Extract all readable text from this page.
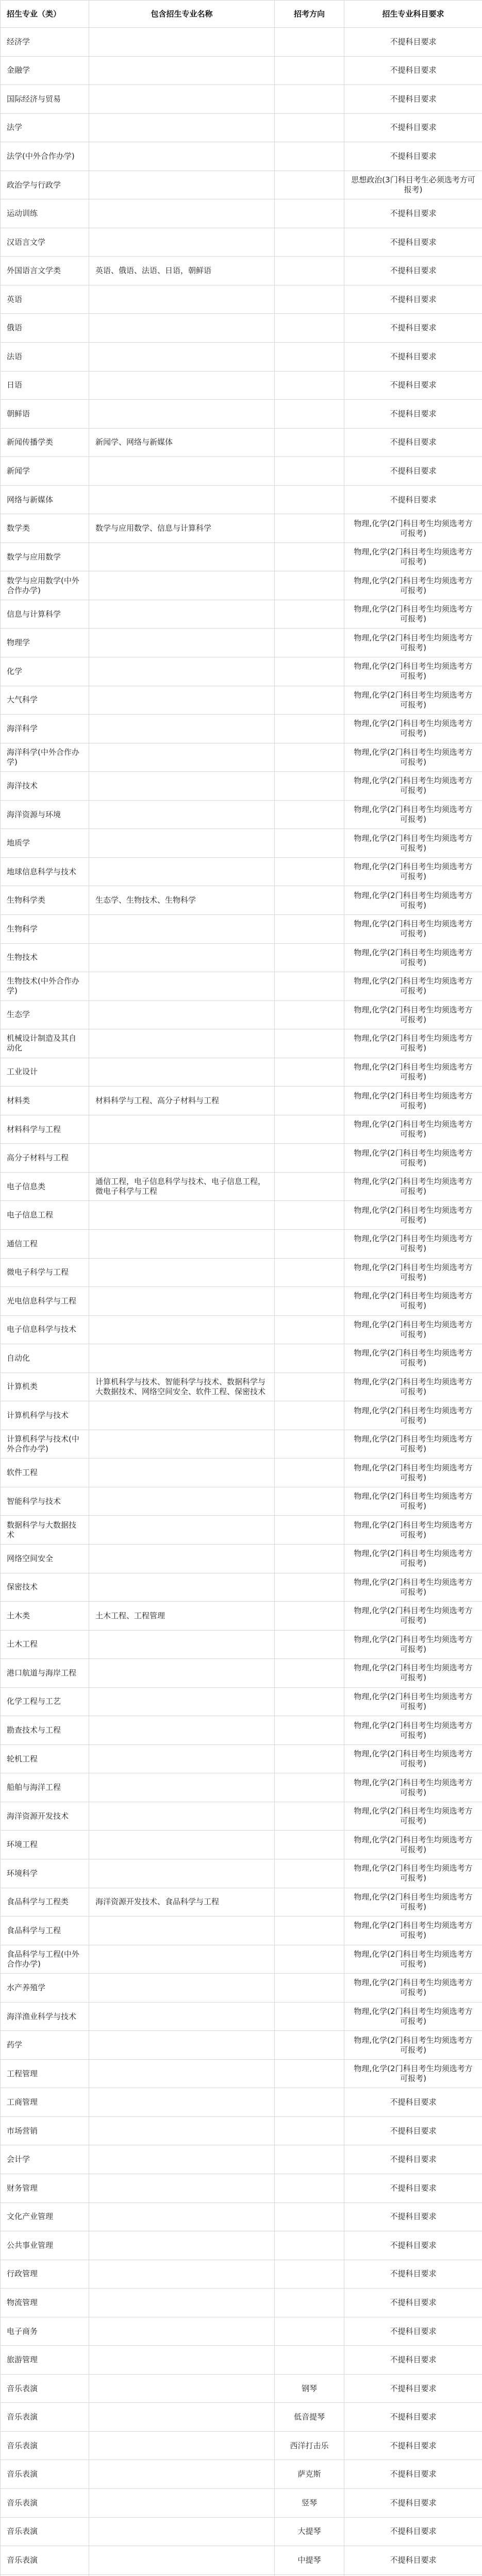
招生专业（类）	包含招生专业名称	招考方向	招生专业科目要求
经济学			不提科目要求
金融学			不提科目要求
国际经济与贸易			不提科目要求
法学			不提科目要求
法学(中外合作办学)			不提科目要求
政治学与行政学			思想政治(3门科目考生必须选考方可报考)
运动训练			不提科目要求
汉语言文学			不提科目要求
外国语言文学类	英语、俄语、法语、日语，朝鲜语		不提科目要求
英语			不提科目要求
俄语			不提科目要求
法语			不提科目要求
日语			不提科目要求
朝鲜语			不提科目要求
新闻传播学类	新闻学、网络与新媒体		不提科目要求
新闻学			不提科目要求
网络与新媒体			不提科目要求
数学类	数学与应用数学、信息与计算科学		物理,化学(2门科目考生均须选考方可报考)
数学与应用数学			物理,化学(2门科目考生均须选考方可报考)
数学与应用数学(中外合作办学)			物理,化学(2门科目考生均须选考方可报考)
信息与计算科学			物理,化学(2门科目考生均须选考方可报考)
物理学			物理,化学(2门科目考生均须选考方可报考)
化学			物理,化学(2门科目考生均须选考方可报考)
大气科学			物理,化学(2门科目考生均须选考方可报考)
海洋科学			物理,化学(2门科目考生均须选考方可报考)
海洋科学(中外合作办学)			物理,化学(2门科目考生均须选考方可报考)
海洋技术			物理,化学(2门科目考生均须选考方可报考)
海洋资源与环境			物理,化学(2门科目考生均须选考方可报考)
地质学			物理,化学(2门科目考生均须选考方可报考)
地球信息科学与技术			物理,化学(2门科目考生均须选考方可报考)
生物科学类	生态学、生物技术、生物科学		物理,化学(2门科目考生均须选考方可报考)
生物科学			物理,化学(2门科目考生均须选考方可报考)
生物技术			物理,化学(2门科目考生均须选考方可报考)
生物技术(中外合作办学)			物理,化学(2门科目考生均须选考方可报考)
生态学			物理,化学(2门科目考生均须选考方可报考)
机械设计制造及其自动化			物理,化学(2门科目考生均须选考方可报考)
工业设计			物理,化学(2门科目考生均须选考方可报考)
材料类	材料科学与工程、高分子材料与工程		物理,化学(2门科目考生均须选考方可报考)
材料科学与工程			物理,化学(2门科目考生均须选考方可报考)
高分子材料与工程			物理,化学(2门科目考生均须选考方可报考)
电子信息类	通信工程，电子信息科学与技术、电子信息工程，微电子科学与工程		物理,化学(2门科目考生均须选考方可报考)
电子信息工程			物理,化学(2门科目考生均须选考方可报考)
通信工程			物理,化学(2门科目考生均须选考方可报考)
微电子科学与工程			物理,化学(2门科目考生均须选考方可报考)
光电信息科学与工程			物理,化学(2门科目考生均须选考方可报考)
电子信息科学与技术			物理,化学(2门科目考生均须选考方可报考)
自动化			物理,化学(2门科目考生均须选考方可报考)
计算机类	计算机科学与技术、智能科学与技术、数据科学与大数据技术、网络空间安全、软件工程、保密技术		物理,化学(2门科目考生均须选考方可报考)
计算机科学与技术			物理,化学(2门科目考生均须选考方可报考)
计算机科学与技术(中外合作办学)			物理,化学(2门科目考生均须选考方可报考)
软件工程			物理,化学(2门科目考生均须选考方可报考)
智能科学与技术			物理,化学(2门科目考生均须选考方可报考)
数据科学与大数据技术			物理,化学(2门科目考生均须选考方可报考)
网络空间安全			物理,化学(2门科目考生均须选考方可报考)
保密技术			物理,化学(2门科目考生均须选考方可报考)
土木类	土木工程、工程管理		物理,化学(2门科目考生均须选考方可报考)
土木工程			物理,化学(2门科目考生均须选考方可报考)
港口航道与海岸工程			物理,化学(2门科目考生均须选考方可报考)
化学工程与工艺			物理,化学(2门科目考生均须选考方可报考)
勘查技术与工程			物理,化学(2门科目考生均须选考方可报考)
轮机工程			物理,化学(2门科目考生均须选考方可报考)
船舶与海洋工程			物理,化学(2门科目考生均须选考方可报考)
海洋资源开发技术			物理,化学(2门科目考生均须选考方可报考)
环境工程			物理,化学(2门科目考生均须选考方可报考)
环境科学			物理,化学(2门科目考生均须选考方可报考)
食品科学与工程类	海洋资源开发技术、食品科学与工程		物理,化学(2门科目考生均须选考方可报考)
食品科学与工程			物理,化学(2门科目考生均须选考方可报考)
食品科学与工程(中外合作办学)			物理,化学(2门科目考生均须选考方可报考)
水产养殖学			物理,化学(2门科目考生均须选考方可报考)
海洋渔业科学与技术			物理,化学(2门科目考生均须选考方可报考)
药学			物理,化学(2门科目考生均须选考方可报考)
工程管理			物理,化学(2门科目考生均须选考方可报考)
工商管理			不提科目要求
市场营销			不提科目要求
会计学			不提科目要求
财务管理			不提科目要求
文化产业管理			不提科目要求
公共事业管理			不提科目要求
行政管理			不提科目要求
物流管理			不提科目要求
电子商务			不提科目要求
旅游管理			不提科目要求
音乐表演		钢琴	不提科目要求
音乐表演		低音提琴	不提科目要求
音乐表演		西洋打击乐	不提科目要求
音乐表演		萨克斯	不提科目要求
音乐表演		竖琴	不提科目要求
音乐表演		大提琴	不提科目要求
音乐表演		中提琴	不提科目要求
